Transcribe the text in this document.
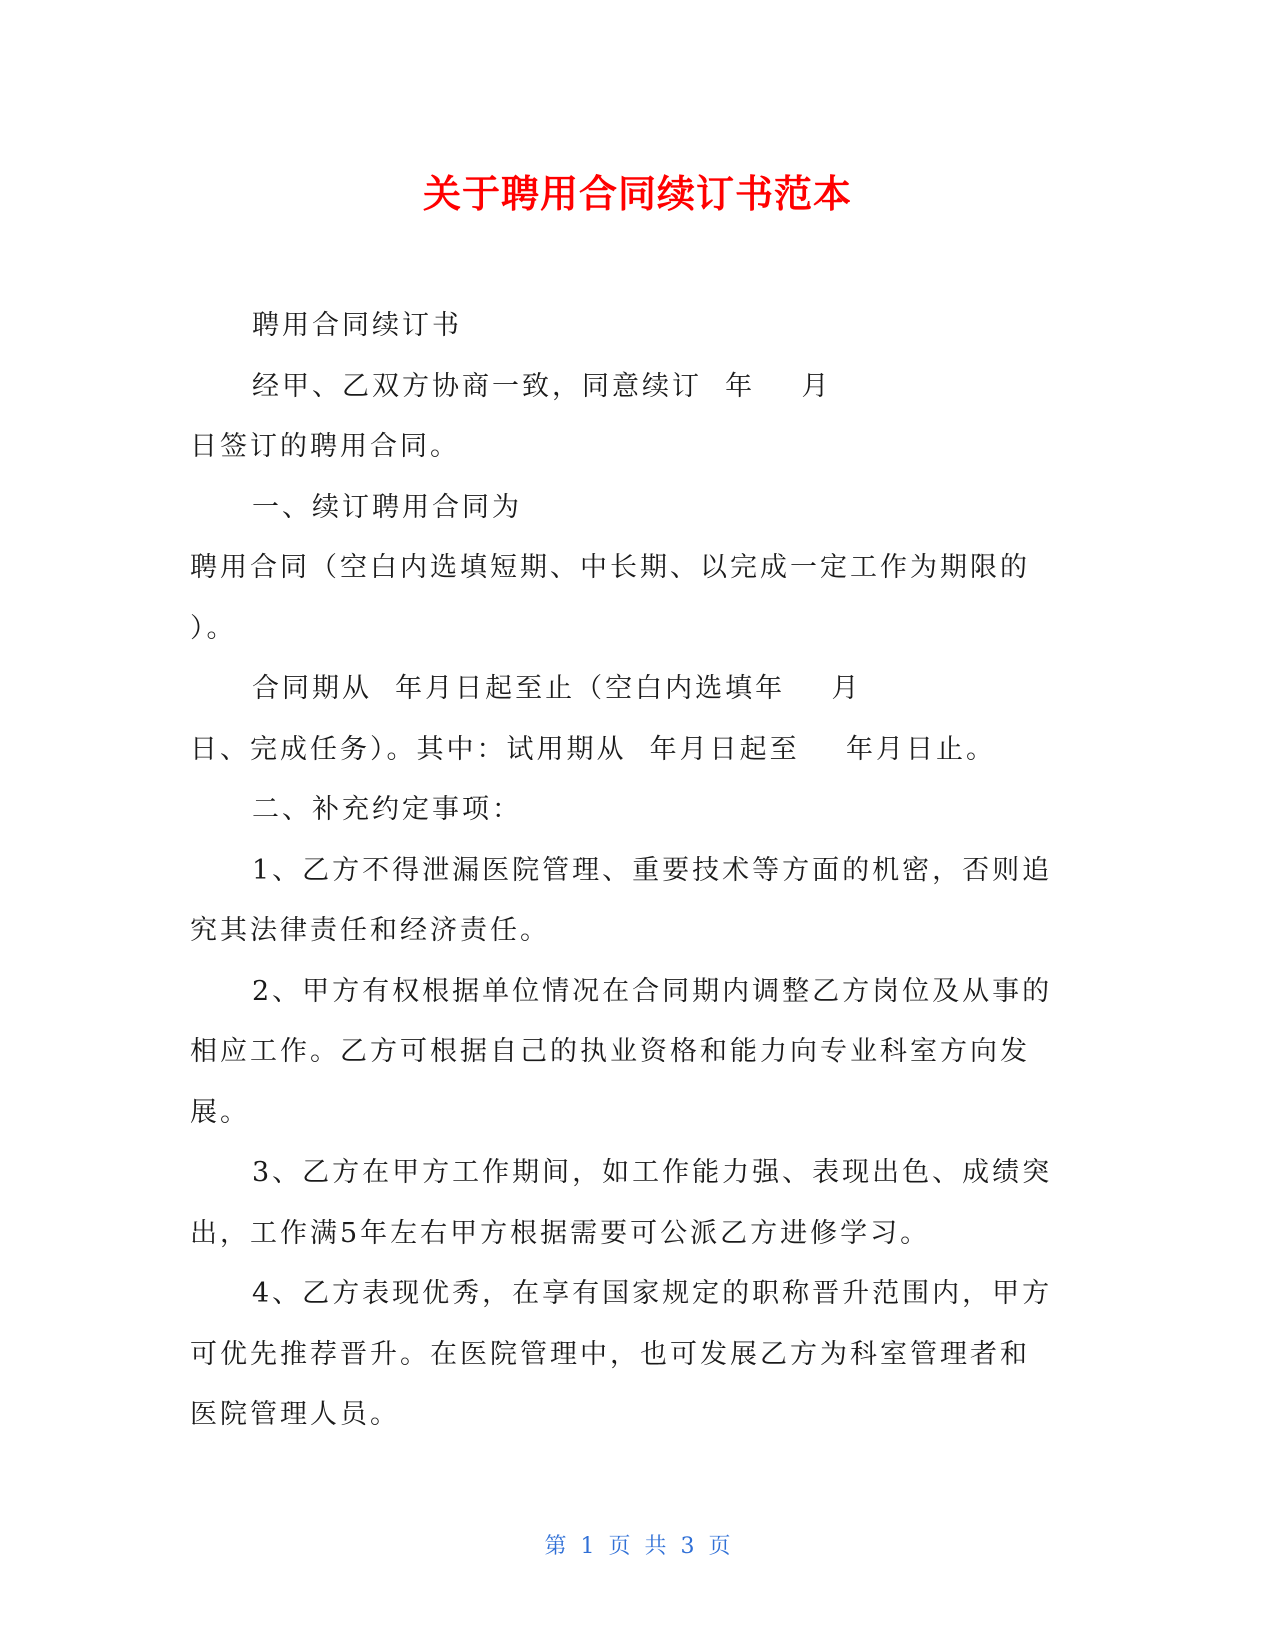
关于聘用合同续订书范本
聘用合同续订书
经甲、乙双方协商一致，同意续订  年    月
日签订的聘用合同。
一、续订聘用合同为
聘用合同（空白内选填短期、中长期、以完成一定工作为期限的
）。
合同期从  年月日起至止（空白内选填年    月
日、完成任务）。其中：试用期从  年月日起至    年月日止。
二、补充约定事项：
1、乙方不得泄漏医院管理、重要技术等方面的机密，否则追
究其法律责任和经济责任。
2、甲方有权根据单位情况在合同期内调整乙方岗位及从事的
相应工作。乙方可根据自己的执业资格和能力向专业科室方向发
展。
3、乙方在甲方工作期间，如工作能力强、表现出色、成绩突
出，工作满5年左右甲方根据需要可公派乙方进修学习。
4、乙方表现优秀，在享有国家规定的职称晋升范围内，甲方
可优先推荐晋升。在医院管理中，也可发展乙方为科室管理者和
医院管理人员。
第  1  页  共  3  页
